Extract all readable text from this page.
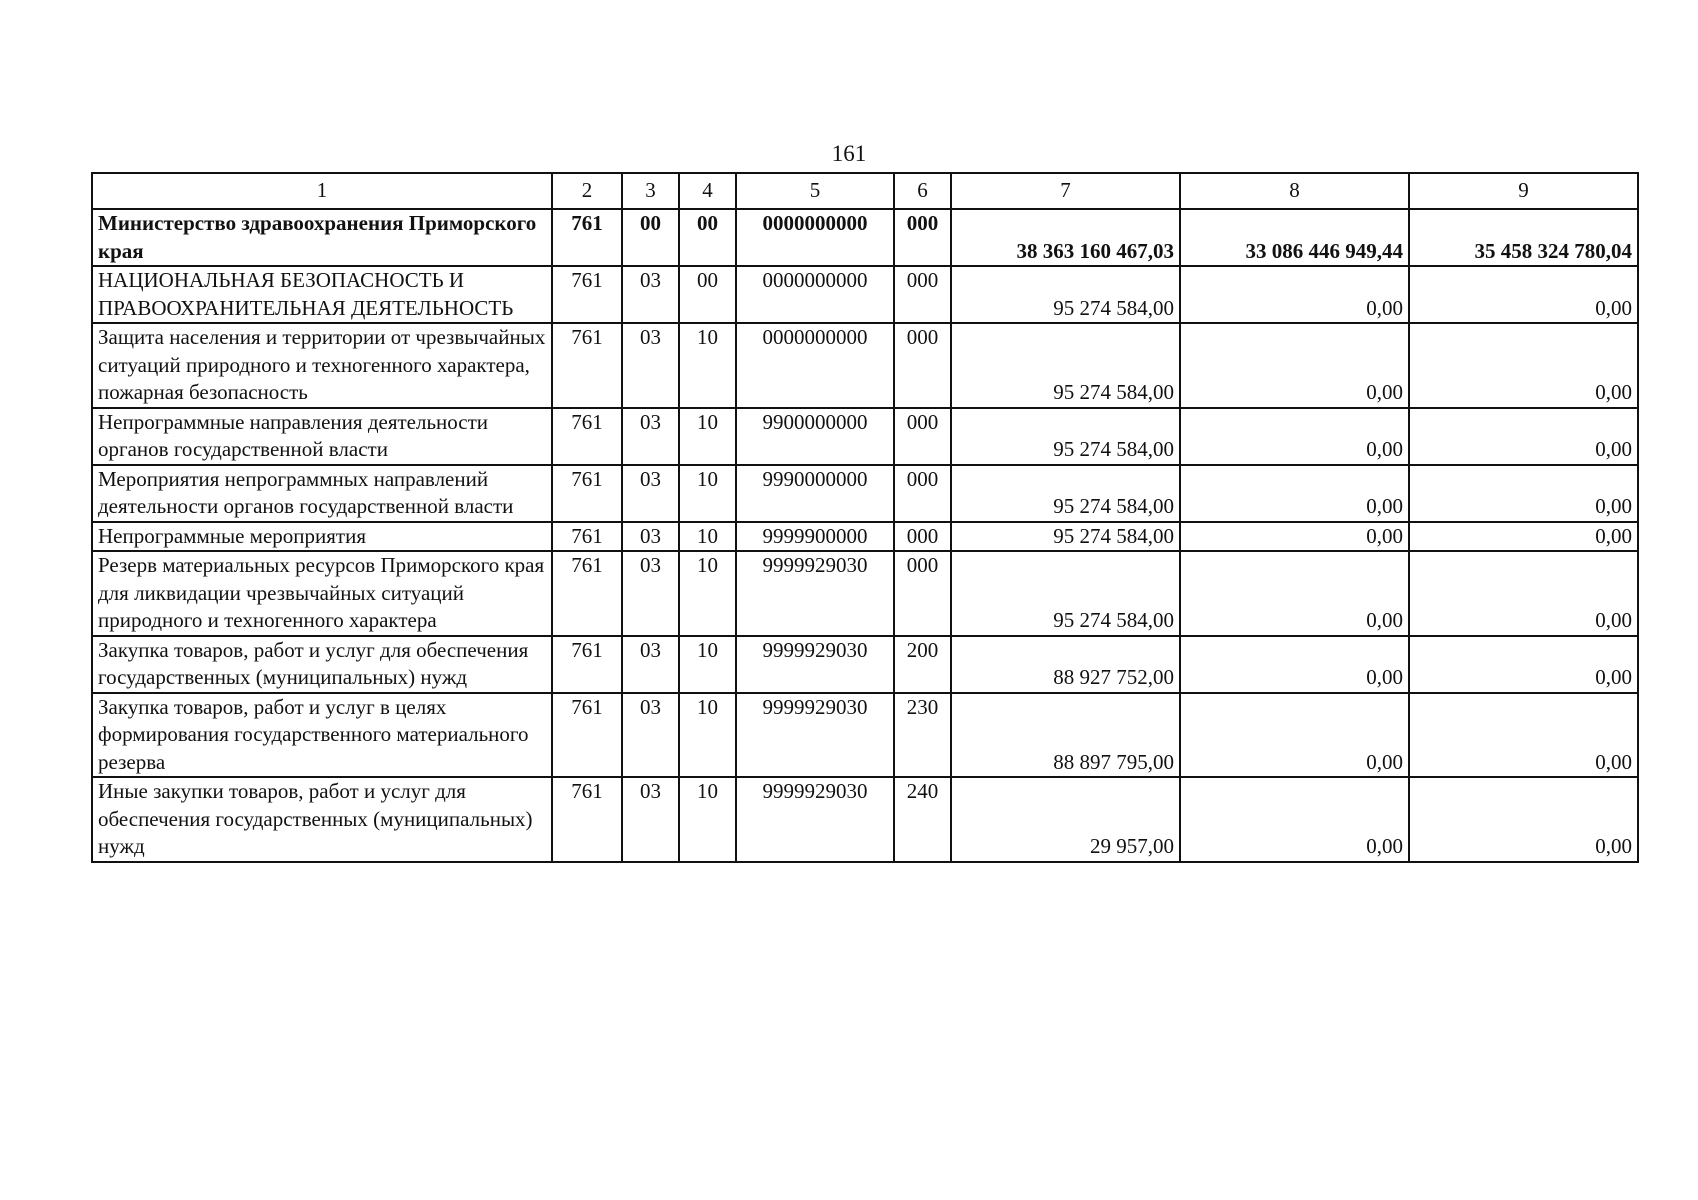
161
1	2	3	4	5	6	7	8	9
Министерство здравоохранения Приморского края	761	00	00	0000000000	000	38 363 160 467,03	33 086 446 949,44	35 458 324 780,04
НАЦИОНАЛЬНАЯ БЕЗОПАСНОСТЬ И ПРАВООХРАНИТЕЛЬНАЯ ДЕЯТЕЛЬНОСТЬ	761	03	00	0000000000	000	95 274 584,00	0,00	0,00
Защита населения и территории от чрезвычайных ситуаций природного и техногенного характера, пожарная безопасность	761	03	10	0000000000	000	95 274 584,00	0,00	0,00
Непрограммные направления деятельности органов государственной власти	761	03	10	9900000000	000	95 274 584,00	0,00	0,00
Мероприятия непрограммных направлений деятельности органов государственной власти	761	03	10	9990000000	000	95 274 584,00	0,00	0,00
Непрограммные мероприятия	761	03	10	9999900000	000	95 274 584,00	0,00	0,00
Резерв материальных ресурсов Приморского края для ликвидации чрезвычайных ситуаций природного и техногенного характера	761	03	10	9999929030	000	95 274 584,00	0,00	0,00
Закупка товаров, работ и услуг для обеспечения государственных (муниципальных) нужд	761	03	10	9999929030	200	88 927 752,00	0,00	0,00
Закупка товаров, работ и услуг в целях формирования государственного материального резерва	761	03	10	9999929030	230	88 897 795,00	0,00	0,00
Иные закупки товаров, работ и услуг для обеспечения государственных (муниципальных) нужд	761	03	10	9999929030	240	29 957,00	0,00	0,00
